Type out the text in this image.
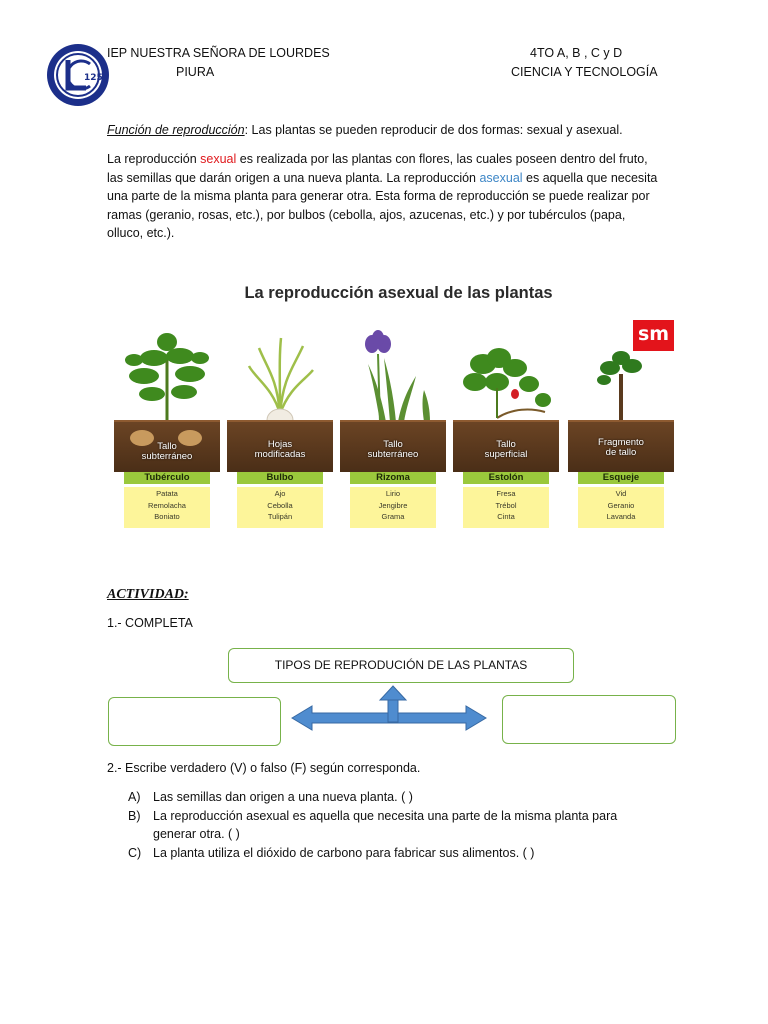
125
IEP NUESTRA SEÑORA DE LOURDES
PIURA
4TO A, B , C y D
CIENCIA Y TECNOLOGÍA
Función de reproducción: Las plantas se pueden reproducir de dos formas: sexual y asexual.
La reproducción sexual es realizada por las plantas con flores, las cuales poseen dentro del fruto,
las semillas que darán origen a una nueva planta. La reproducción asexual es aquella que necesita
una parte de la misma planta para generar otra. Esta forma de reproducción se puede realizar por
ramas (geranio, rosas, etc.), por bulbos (cebolla, ajos, azucenas, etc.) y por tubérculos (papa,
olluco, etc.).
La reproducción asexual de las plantas
sm
Tallo
subterráneo
Tubérculo
Patata
Remolacha
Boniato
Hojas
modificadas
Bulbo
Ajo
Cebolla
Tulipán
Tallo
subterráneo
Rizoma
Lirio
Jengibre
Grama
Tallo
superficial
Estolón
Fresa
Trébol
Cinta
Fragmento
de tallo
Esqueje
Vid
Geranio
Lavanda
ACTIVIDAD:
1.- COMPLETA
TIPOS DE REPRODUCIÓN DE LAS PLANTAS
2.- Escribe verdadero (V) o falso (F) según corresponda.
A) Las semillas dan origen a una nueva planta. ( )
B) La reproducción asexual es aquella que necesita una parte de la misma planta para
generar otra. ( )
C) La planta utiliza el dióxido de carbono para fabricar sus alimentos. ( )
